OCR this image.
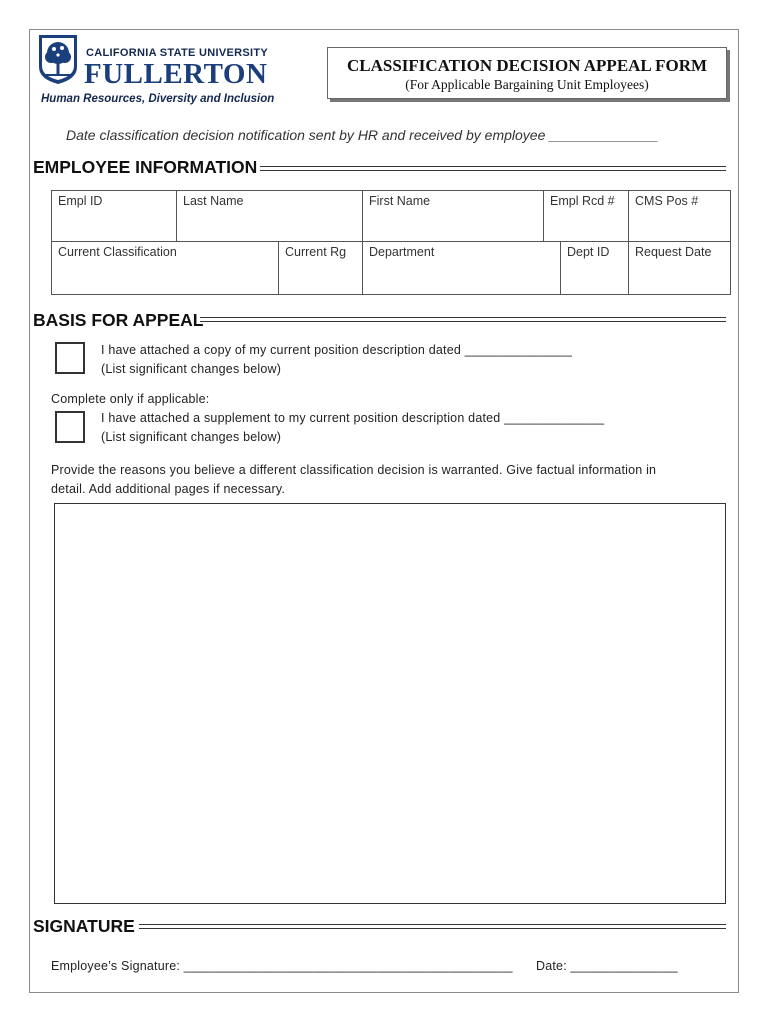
CALIFORNIA STATE UNIVERSITY
FULLERTON
Human Resources, Diversity and Inclusion
CLASSIFICATION DECISION APPEAL FORM
(For Applicable Bargaining Unit Employees)
Date classification decision notification sent by HR and received by employee ______________
EMPLOYEE INFORMATION
Empl ID	Last Name	First Name	Empl Rcd #	CMS Pos #
Current Classification	Current Rg	Department	Dept ID	Request Date
BASIS FOR APPEAL
I have attached a copy of my current position description dated _______________
(List significant changes below)
Complete only if applicable:
I have attached a supplement to my current position description dated ______________
(List significant changes below)
Provide the reasons you believe a different classification decision is warranted. Give factual information in
detail. Add additional pages if necessary.
SIGNATURE
Employee’s Signature: ______________________________________________ Date: _______________
